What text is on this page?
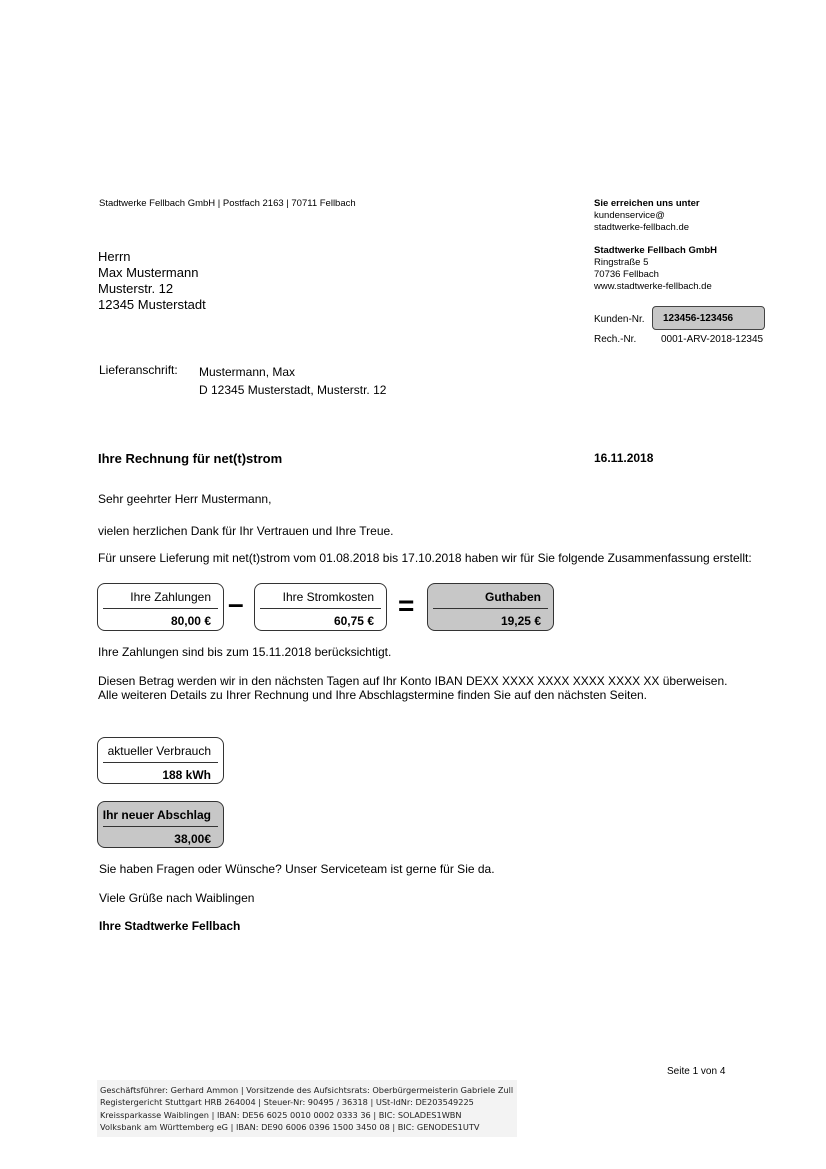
Stadtwerke Fellbach GmbH | Postfach 2163 | 70711 Fellbach	Sie erreichen uns unter
kundenservice@
stadtwerke-fellbach.de
Stadtwerke Fellbach GmbH
Ringstraße 5
70736 Fellbach
www.stadtwerke-fellbach.de
Herrn
Max Mustermann
Musterstr. 12
12345 Musterstadt
Kunden-Nr.	123456-123456
Rech.-Nr. 0001-ARV-2018-12345
Lieferanschrift: Mustermann, Max
D 12345 Musterstadt, Musterstr. 12
Ihre Rechnung für net(t)strom	16.11.2018
Sehr geehrter Herr Mustermann,
vielen herzlichen Dank für Ihr Vertrauen und Ihre Treue.
Für unsere Lieferung mit net(t)strom vom 01.08.2018 bis 17.10.2018 haben wir für Sie folgende Zusammenfassung erstellt:
Ihre Zahlungen
80,00 €
–	Ihre Stromkosten
60,75 € =	Guthaben
19,25 €
Ihre Zahlungen sind bis zum 15.11.2018 berücksichtigt.
Diesen Betrag werden wir in den nächsten Tagen auf Ihr Konto IBAN DEXX XXXX XXXX XXXX XXXX XX überweisen.
Alle weiteren Details zu Ihrer Rechnung und Ihre Abschlagstermine finden Sie auf den nächsten Seiten.
aktueller Verbrauch
188 kWh
Ihr neuer Abschlag
38,00€
Sie haben Fragen oder Wünsche? Unser Serviceteam ist gerne für Sie da.
Viele Grüße nach Waiblingen
Ihre Stadtwerke Fellbach
Seite 1 von 4
Geschäftsführer: Gerhard Ammon | Vorsitzende des Aufsichtsrats: Oberbürgermeisterin Gabriele Zull
Registergericht Stuttgart HRB 264004 | Steuer-Nr: 90495 / 36318 | USt-IdNr: DE203549225
Kreissparkasse Waiblingen | IBAN: DE56 6025 0010 0002 0333 36 | BIC: SOLADES1WBN
Volksbank am Württemberg eG | IBAN: DE90 6006 0396 1500 3450 08 | BIC: GENODES1UTV
